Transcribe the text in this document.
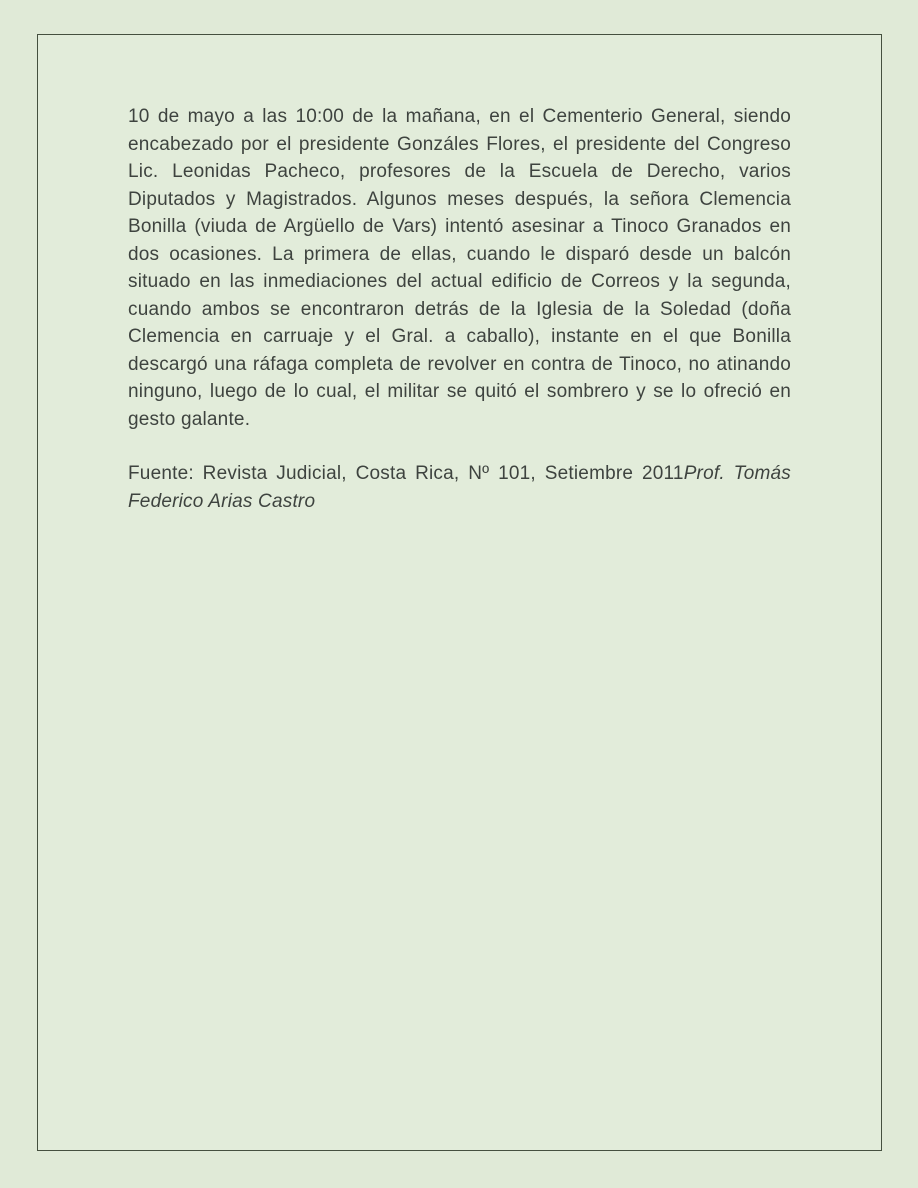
10 de mayo a las 10:00 de la mañana, en el Cementerio General, siendo encabezado por el presidente Gonzáles Flores, el presidente del Congreso Lic. Leonidas Pacheco, profesores de la Escuela de Derecho, varios Diputados y Magistrados. Algunos meses después, la señora Clemencia Bonilla (viuda de Argüello de Vars) intentó asesinar a Tinoco Granados en dos ocasiones. La primera de ellas, cuando le disparó desde un balcón situado en las inmediaciones del actual edificio de Correos y la segunda, cuando ambos se encontraron detrás de la Iglesia de la Soledad (doña Clemencia en carruaje y el Gral. a caballo), instante en el que Bonilla descargó una ráfaga completa de revolver en contra de Tinoco, no atinando ninguno, luego de lo cual, el militar se quitó el sombrero y se lo ofreció en gesto galante.

Fuente: Revista Judicial, Costa Rica, Nº 101, Setiembre 2011Prof. Tomás Federico Arias Castro
